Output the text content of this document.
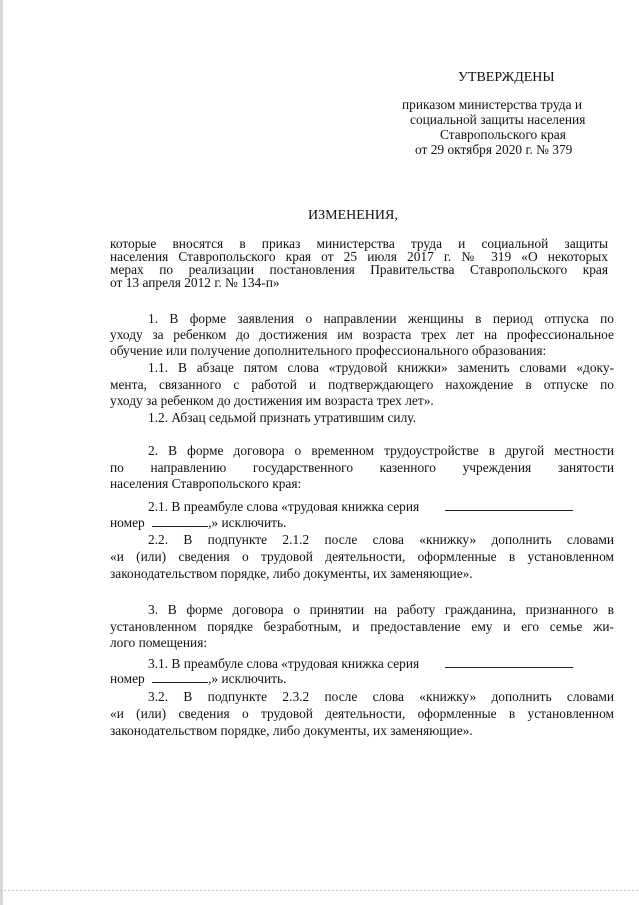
УТВЕРЖДЕНЫ
приказом министерства труда и
социальной защиты населения
Ставропольского края
от 29 октября 2020 г. № 379
ИЗМЕНЕНИЯ,
которые вносятся в приказ министерства труда и социальной защиты
населения Ставропольского края от 25 июля 2017 г. № 319 «О некоторых
мерах по реализации постановления Правительства Ставропольского края
от 13 апреля 2012 г. № 134-п»
1. В форме заявления о направлении женщины в период отпуска по
уходу за ребенком до достижения им возраста трех лет на профессиональное
обучение или получение дополнительного профессионального образования:
1.1. В абзаце пятом слова «трудовой книжки» заменить словами «доку-
мента, связанного с работой и подтверждающего нахождение в отпуске по
уходу за ребенком до достижения им возраста трех лет».
1.2. Абзац седьмой признать утратившим силу.
2. В форме договора о временном трудоустройстве в другой местности
по направлению государственного казенного учреждения занятости
населения Ставропольского края:
2.1. В преамбуле слова «трудовая книжка серия
номер	,» исключить.
2.2. В подпункте 2.1.2 после слова «книжку» дополнить словами
«и (или) сведения о трудовой деятельности, оформленные в установленном
законодательством порядке, либо документы, их заменяющие».
3. В форме договора о принятии на работу гражданина, признанного в
установленном порядке безработным, и предоставление ему и его семье жи-
лого помещения:
3.1. В преамбуле слова «трудовая книжка серия
номер	,» исключить.
3.2. В подпункте 2.3.2 после слова «книжку» дополнить словами
«и (или) сведения о трудовой деятельности, оформленные в установленном
законодательством порядке, либо документы, их заменяющие».
